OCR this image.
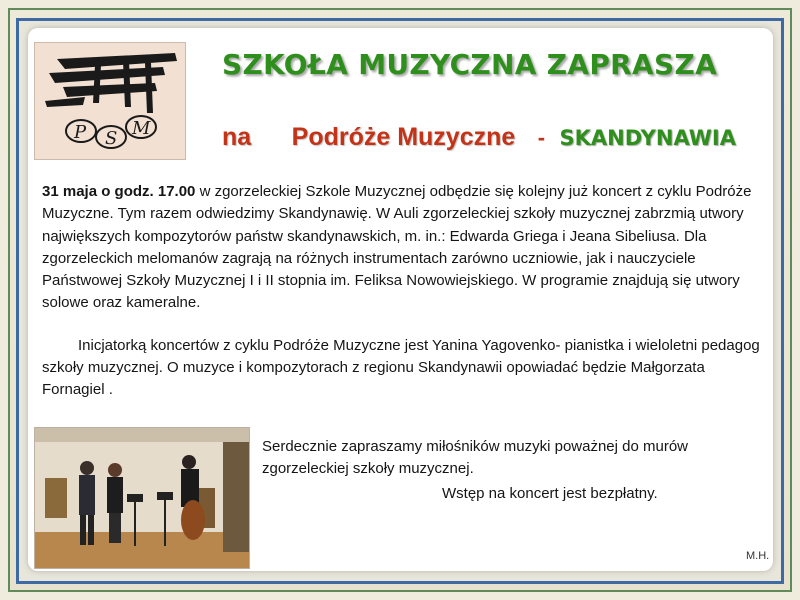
P S M
SZKOŁA MUZYCZNA ZAPRASZA
na Podróże Muzyczne - SKANDYNAWIA

31 maja o godz. 17.00 w zgorzeleckiej Szkole Muzycznej odbędzie się kolejny już koncert z cyklu Podróże Muzyczne. Tym razem odwiedzimy Skandynawię. W Auli zgorzeleckiej szkoły muzycznej zabrzmią utwory największych kompozytorów państw skandynawskich, m. in.: Edwarda Griega i Jeana Sibeliusa. Dla zgorzeleckich melomanów zagrają na różnych instrumentach zarówno uczniowie, jak i nauczyciele Państwowej Szkoły Muzycznej I i II stopnia im. Feliksa Nowowiejskiego. W programie znajdują się utwory solowe oraz kameralne.

Inicjatorką koncertów z cyklu Podróże Muzyczne jest Yanina Yagovenko- pianistka i wieloletni pedagog szkoły muzycznej. O muzyce i kompozytorach z regionu Skandynawii opowiadać będzie Małgorzata Fornagiel .

Serdecznie zapraszamy miłośników muzyki poważnej do murów zgorzeleckiej szkoły muzycznej.

Wstęp na koncert jest bezpłatny.

M.H.
